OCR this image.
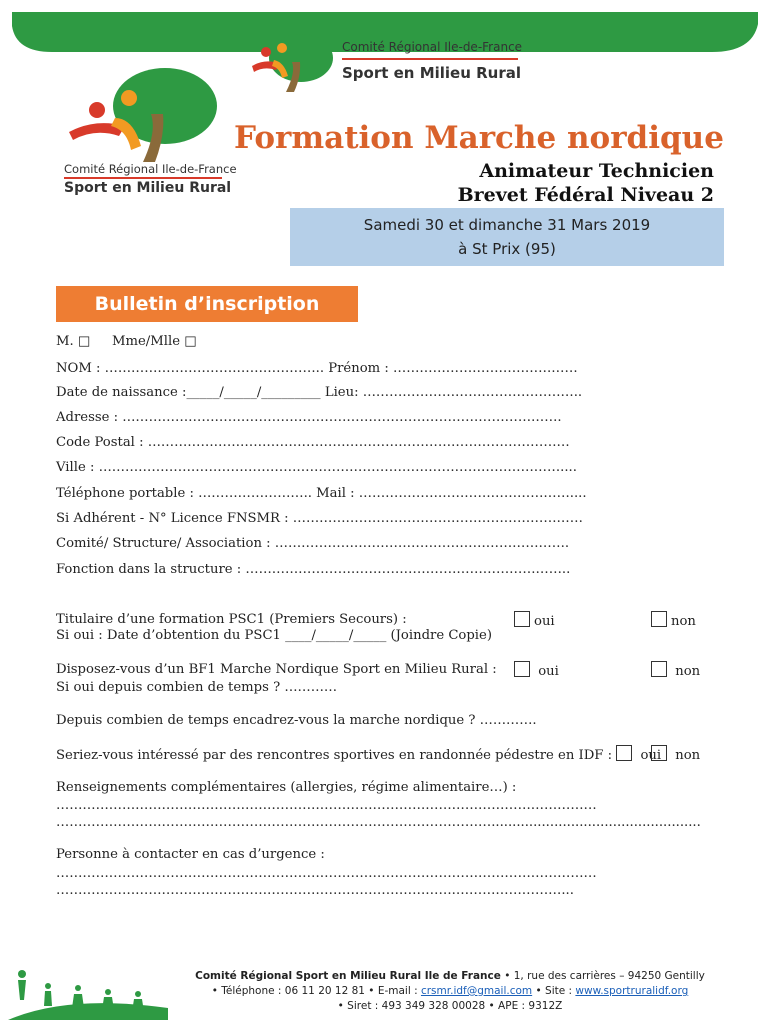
Comité Régional Ile-de-France
Sport en Milieu Rural
Comité Régional Ile-de-France
Sport en Milieu Rural
Formation Marche nordique
Animateur Technicien
Brevet Fédéral Niveau 2
Samedi 30 et dimanche 31 Mars 2019
à St Prix (95)
Bulletin d’inscription
M. □ Mme/Mlle □
NOM : ………………………………………….. Prénom : ……………………………………
Date de naissance :_____/_____/_________ Lieu: …………………………………………..
Adresse : ……………………………………………………………………………………….
Code Postal : ……………………………………………………………………………………
Ville : ……………………………………………………………………………………………....
Téléphone portable : …………………….. Mail : …………………………………………....
Si Adhérent - N° Licence FNSMR : …………………………………………………………
Comité/ Structure/ Association : ………………………………………………………….
Fonction dans la structure : ………………………………………………………………..
Titulaire d’une formation PSC1 (Premiers Secours) :
Si oui : Date d’obtention du PSC1 ____/_____/_____ (Joindre Copie)
oui	non
Disposez-vous d’un BF1 Marche Nordique Sport en Milieu Rural :
Si oui depuis combien de temps ? …………
oui	non
Depuis combien de temps encadrez-vous la marche nordique ? ………….
Seriez-vous intéressé par des rencontres sportives en randonnée pédestre en IDF : oui	non
Renseignements complémentaires (allergies, régime alimentaire…) :
……………………………………………………………………………………………………………
………………………………………………………………………………………..................................................
Personne à contacter en cas d’urgence :
……………………………………………………………………………………………………………
……………………………………………………………………………….……………………...
Comité Régional Sport en Milieu Rural Ile de France • 1, rue des carrières – 94250 Gentilly
• Téléphone : 06 11 20 12 81 • E-mail : crsmr.idf@gmail.com • Site : www.sportruralidf.org
• Siret : 493 349 328 00028 • APE : 9312Z
